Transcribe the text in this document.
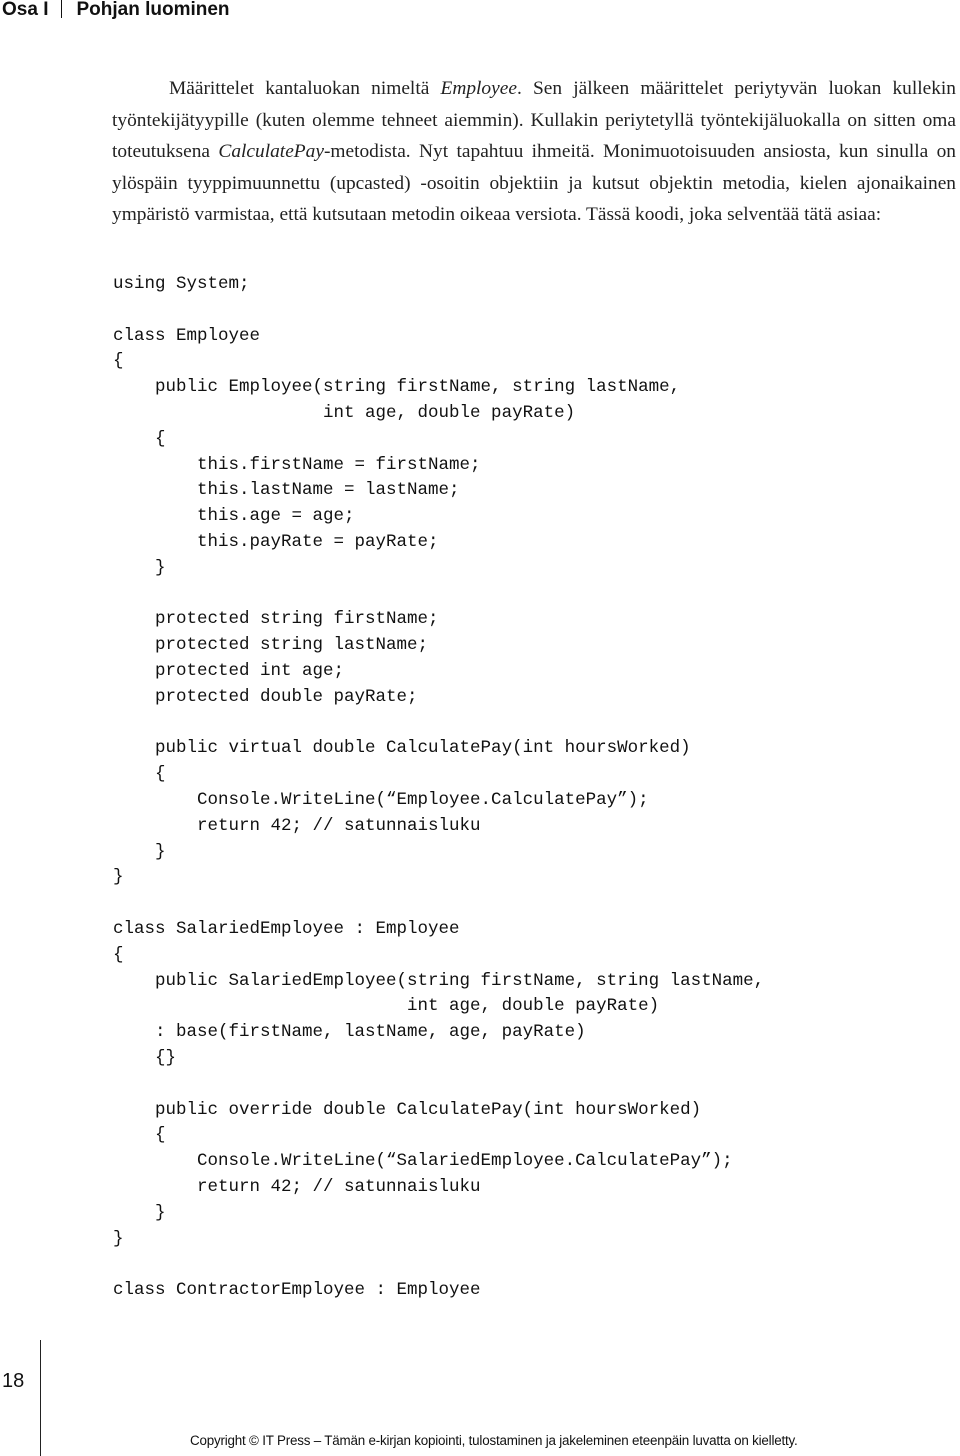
Osa I Pohjan luominen

Määrittelet kantaluokan nimeltä Employee. Sen jälkeen määrittelet periytyvän luokan kullekin työntekijätyypille (kuten olemme tehneet aiemmin). Kullakin periytetyllä työntekijäluokalla on sitten oma toteutuksena CalculatePay-metodista. Nyt tapahtuu ihmeitä. Monimuotoisuuden ansiosta, kun sinulla on ylöspäin tyyppimuunnettu (upcasted) -osoitin objektiin ja kutsut objektin metodia, kielen ajonaikainen ympäristö varmistaa, että kutsutaan metodin oikeaa versiota. Tässä koodi, joka selventää tätä asiaa:

using System;
class Employee
{
public Employee(string firstName, string lastName,
int age, double payRate)
{
this.firstName = firstName;
this.lastName = lastName;
this.age = age;
this.payRate = payRate;
}
protected string firstName;
protected string lastName;
protected int age;
protected double payRate;
public virtual double CalculatePay(int hoursWorked)
{
Console.WriteLine(“Employee.CalculatePay”);
return 42; // satunnaisluku
}
}
class SalariedEmployee : Employee
{
public SalariedEmployee(string firstName, string lastName,
int age, double payRate)
: base(firstName, lastName, age, payRate)
{}
public override double CalculatePay(int hoursWorked)
{
Console.WriteLine(“SalariedEmployee.CalculatePay”);
return 42; // satunnaisluku
}
}
class ContractorEmployee : Employee
18
Copyright © IT Press – Tämän e-kirjan kopiointi, tulostaminen ja jakeleminen eteenpäin luvatta on kielletty.
